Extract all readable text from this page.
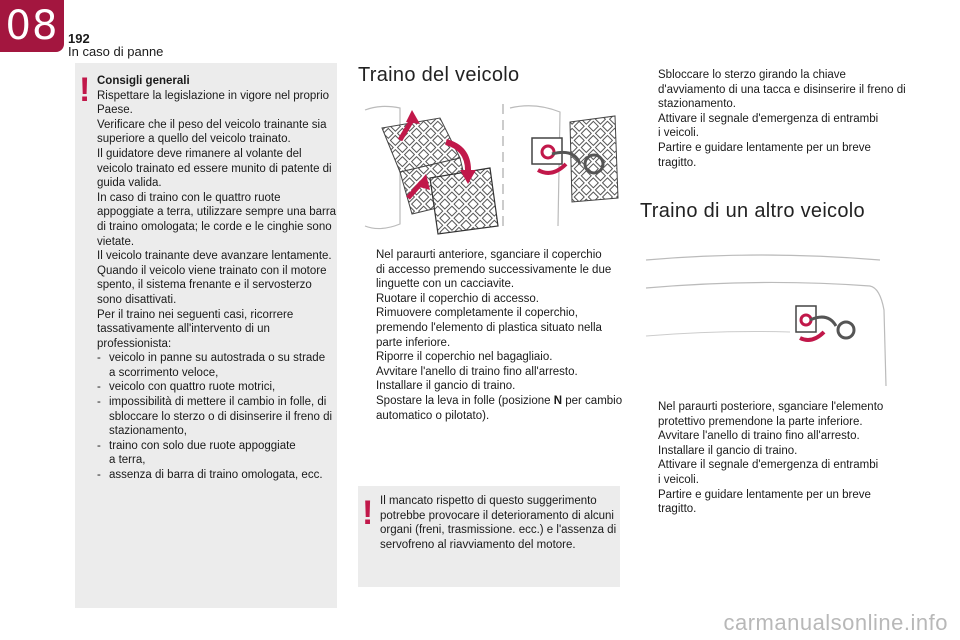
08 192
In caso di panne
! Consigli generali
Rispettare la legislazione in vigore nel proprio
Paese.
Verificare che il peso del veicolo trainante sia
superiore a quello del veicolo trainato.
Il guidatore deve rimanere al volante del
veicolo trainato ed essere munito di patente di
guida valida.
In caso di traino con le quattro ruote
appoggiate a terra, utilizzare sempre una barra
di traino omologata; le corde e le cinghie sono
vietate.
Il veicolo trainante deve avanzare lentamente.
Quando il veicolo viene trainato con il motore
spento, il sistema frenante e il servosterzo
sono disattivati.
Per il traino nei seguenti casi, ricorrere
tassativamente all'intervento di un
professionista:
- veicolo in panne su autostrada o su strade
a scorrimento veloce,
- veicolo con quattro ruote motrici,
- impossibilità di mettere il cambio in folle, di
sbloccare lo sterzo o di disinserire il freno di
stazionamento,
- traino con solo due ruote appoggiate
a terra,
- assenza di barra di traino omologata, ecc.
Traino del veicolo
Nel paraurti anteriore, sganciare il coperchio
di accesso premendo successivamente le due
linguette con un cacciavite.
Ruotare il coperchio di accesso.
Rimuovere completamente il coperchio,
premendo l'elemento di plastica situato nella
parte inferiore.
Riporre il coperchio nel bagagliaio.
Avvitare l'anello di traino fino all'arresto.
Installare il gancio di traino.
Spostare la leva in folle (posizione N per cambio
automatico o pilotato).
! Il mancato rispetto di questo suggerimento
potrebbe provocare il deterioramento di alcuni
organi (freni, trasmissione. ecc.) e l'assenza di
servofreno al riavviamento del motore.
Sbloccare lo sterzo girando la chiave
d'avviamento di una tacca e disinserire il freno di
stazionamento.
Attivare il segnale d'emergenza di entrambi
i veicoli.
Partire e guidare lentamente per un breve
tragitto.
Traino di un altro veicolo
Nel paraurti posteriore, sganciare l'elemento
protettivo premendone la parte inferiore.
Avvitare l'anello di traino fino all'arresto.
Installare il gancio di traino.
Attivare il segnale d'emergenza di entrambi
i veicoli.
Partire e guidare lentamente per un breve
tragitto.
carmanualsonline.info
